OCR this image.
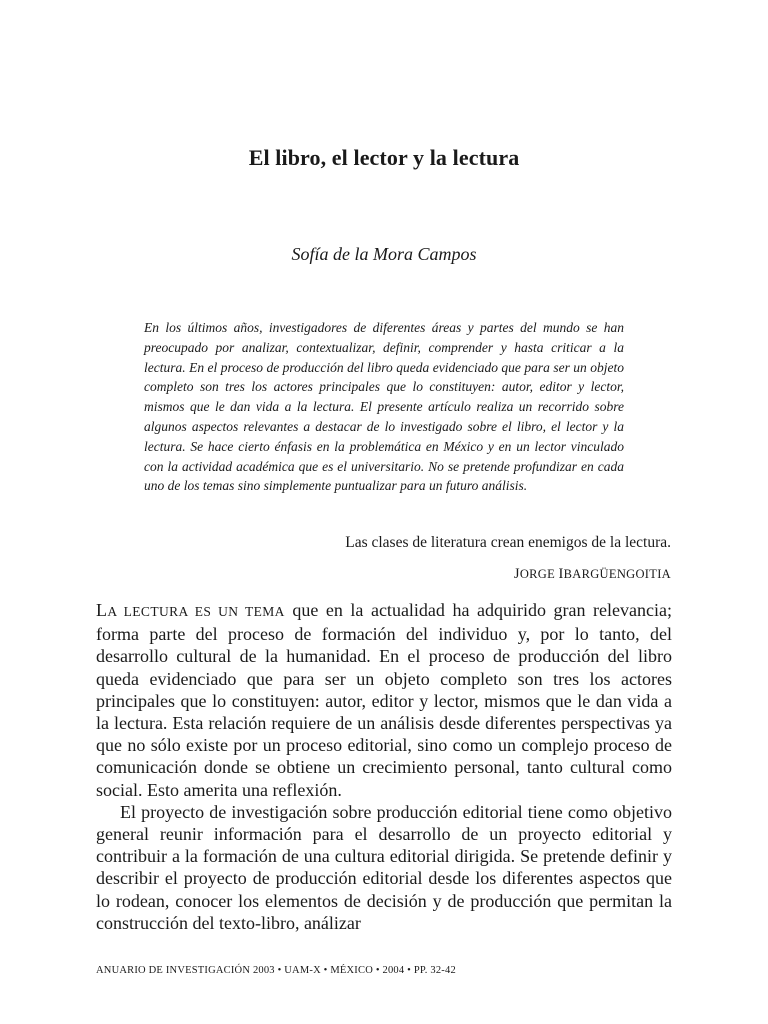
El libro, el lector y la lectura
Sofía de la Mora Campos

En los últimos años, investigadores de diferentes áreas y partes del mundo se han preocupado por analizar, contextualizar, definir, comprender y hasta criticar a la lectura. En el proceso de producción del libro queda evidenciado que para ser un objeto completo son tres los actores principales que lo constituyen: autor, editor y lector, mismos que le dan vida a la lectura. El presente artículo realiza un recorrido sobre algunos aspectos relevantes a destacar de lo investigado sobre el libro, el lector y la lectura. Se hace cierto énfasis en la problemática en México y en un lector vinculado con la actividad académica que es el universitario. No se pretende profundizar en cada uno de los temas sino simplemente puntualizar para un futuro análisis.

Las clases de literatura crean enemigos de la lectura.

JORGE IBARGÜENGOITIA

LA LECTURA ES UN TEMA que en la actualidad ha adquirido gran relevancia; forma parte del proceso de formación del individuo y, por lo tanto, del desarrollo cultural de la humanidad. En el proceso de producción del libro queda evidenciado que para ser un objeto completo son tres los actores principales que lo constituyen: autor, editor y lector, mismos que le dan vida a la lectura. Esta relación requiere de un análisis desde diferentes perspectivas ya que no sólo existe por un proceso editorial, sino como un complejo proceso de comunicación donde se obtiene un crecimiento personal, tanto cultural como social. Esto amerita una reflexión.

El proyecto de investigación sobre producción editorial tiene como objetivo general reunir información para el desarrollo de un proyecto editorial y contribuir a la formación de una cultura editorial dirigida. Se pretende definir y describir el proyecto de producción editorial desde los diferentes aspectos que lo rodean, conocer los elementos de decisión y de producción que permitan la construcción del texto-libro, análizar

ANUARIO DE INVESTIGACIÓN 2003 • UAM-X • MÉXICO • 2004 • PP. 32-42
